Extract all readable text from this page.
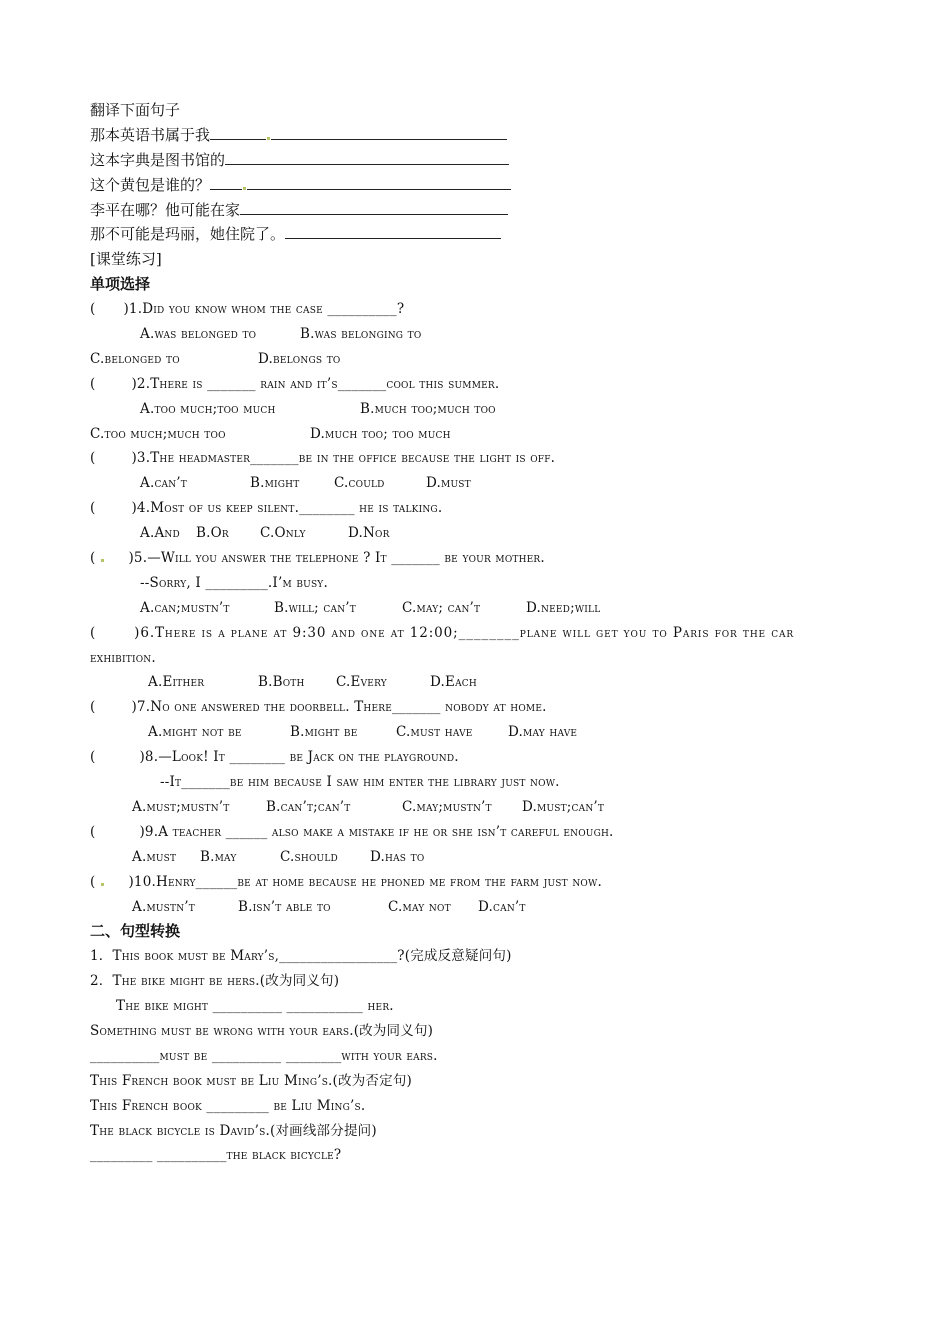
翻译下面句子
那本英语书属于我
这本字典是图书馆的
这个黄包是谁的？
李平在哪？他可能在家
那不可能是玛丽，她住院了。
[课堂练习]
单项选择
( )1.Did you know whom the case __________?
A.was belonged to	B.was belonging to
C.belonged to	D.belongs to
(	)2.There is _______ rain and it’s_______cool this summer.
A.too much;too much	B.much too;much too
C.too much;much too	D.much too; too much
(	)3.The headmaster_______be in the office because the light is off.
A.can’t	B.might	C.could	D.must
(	)4.Most of us keep silent.________ he is talking.
A.And B.Or C.Only	D.Nor
( )5.—Will you answer the telephone ? It _______ be your mother.
--Sorry, I _________.I’m busy.
A.can;mustn’t	B.will; can’t	C.may; can’t	D.need;will
(	)6.There is a plane at 9:30 and one at 12:00;________plane will get you to Paris for the car
exhibition.
A.Either	B.Both C.Every	D.Each
(	)7.No one answered the doorbell. There_______ nobody at home.
A.might not be	B.might be	C.must have	D.may have
(	)8.—Look! It ________ be Jack on the playground.
--It_______be him because I saw him enter the library just now.
A.must;mustn’t	B.can’t;can’t	C.may;mustn’t D.must;can’t
(	)9.A teacher ______ also make a mistake if he or she isn’t careful enough.
A.must B.may	C.should D.has to
( )10.Henry______be at home because he phoned me from the farm just now.
A.mustn’t	B.isn’t able to	C.may not D.can’t
二、句型转换
1．This book must be Mary’s,_________________?(完成反意疑问句)
2．The bike might be hers.(改为同义句)
The bike might __________ ___________ her.
Something must be wrong with your ears.(改为同义句)
__________must be __________ ________with your ears.
This French book must be Liu Ming’s.(改为否定句)
This French book _________ be Liu Ming’s.
The black bicycle is David’s.(对画线部分提问)
_________ __________the black bicycle?
